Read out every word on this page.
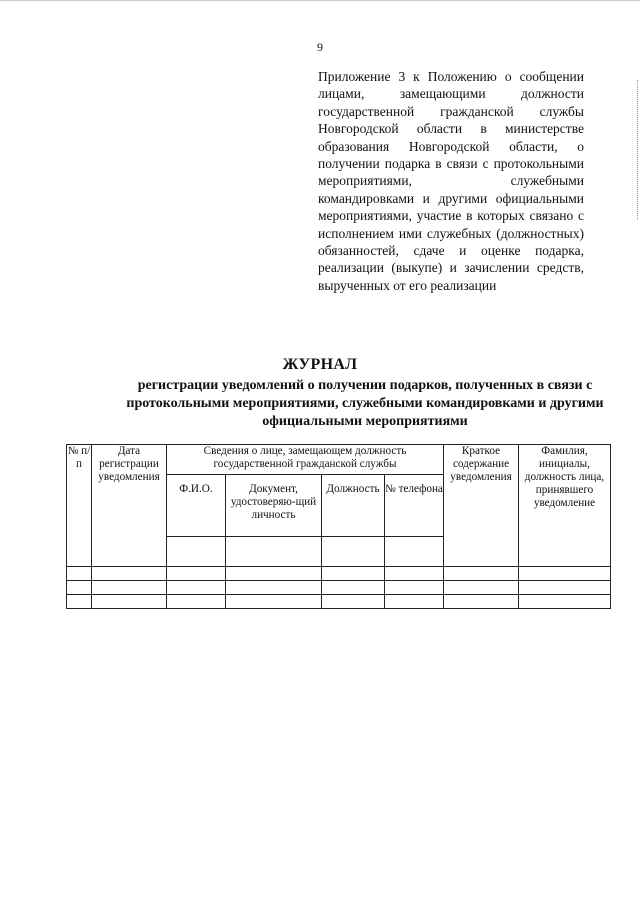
9
Приложение 3 к Положению о сообщении лицами, замещающими должности государственной гражданской службы Новгородской области в министерстве образования Новгородской области, о получении подарка в связи с протокольными мероприятиями, служебными командировками и другими официальными мероприятиями, участие в которых связано с исполнением ими служебных (должностных) обязанностей, сдаче и оценке подарка, реализации (выкупе) и зачислении средств, вырученных от его реализации
ЖУРНАЛ
регистрации уведомлений о получении подарков, полученных в связи с протокольными мероприятиями, служебными командировками и другими официальными мероприятиями
№ п/п	Дата регистрации уведомления	Сведения о лице, замещающем должность государственной гражданской службы				Краткое содержание уведомления	Фамилия, инициалы, должность лица, принявшего уведомление
		Ф.И.О.	Документ, удостоверяю-щий личность	Должность	№ телефона		
